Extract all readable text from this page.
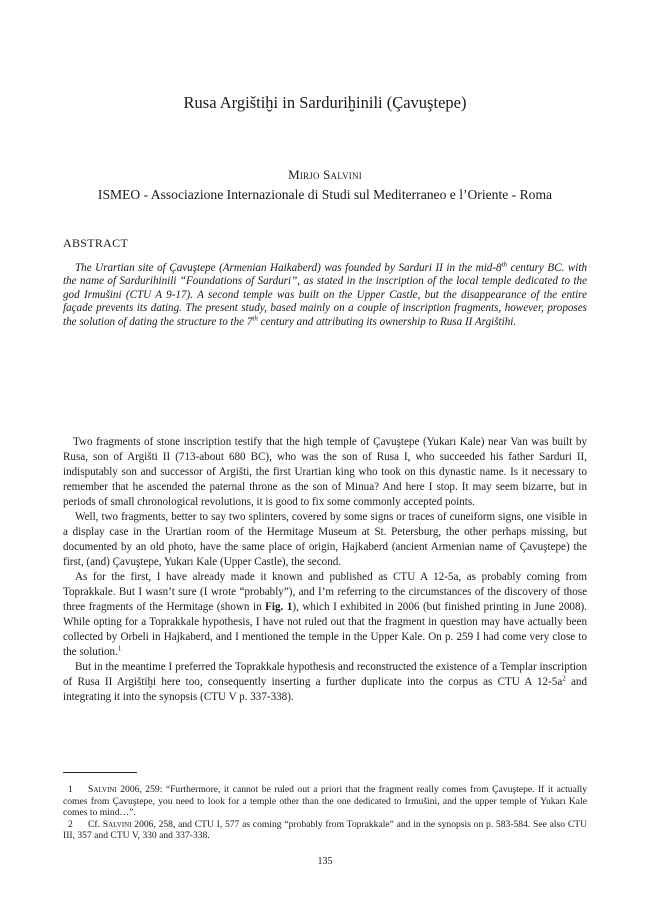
Rusa Argištiḫi in Sarduriḫinili (Çavuştepe)
Mirjo Salvini
ISMEO - Associazione Internazionale di Studi sul Mediterraneo e l’Oriente - Roma
ABSTRACT
The Urartian site of Çavuştepe (Armenian Haikaberd) was founded by Sarduri II in the mid-8th century BC. with the name of Sardurihinili “Foundations of Sarduri”, as stated in the inscription of the local temple dedicated to the god Irmušini (CTU A 9-17). A second temple was built on the Upper Castle, but the disappearance of the entire façade prevents its dating. The present study, based mainly on a couple of inscription fragments, however, proposes the solution of dating the structure to the 7th century and attributing its ownership to Rusa II Argištihi.

Two fragments of stone inscription testify that the high temple of Çavuştepe (Yukarı Kale) near Van was built by Rusa, son of Argišti II (713-about 680 BC), who was the son of Rusa I, who succeeded his father Sarduri II, indisputably son and successor of Argišti, the first Urartian king who took on this dynastic name. Is it necessary to remember that he ascended the paternal throne as the son of Minua? And here I stop. It may seem bizarre, but in periods of small chronological revolutions, it is good to fix some commonly accepted points.

Well, two fragments, better to say two splinters, covered by some signs or traces of cuneiform signs, one visible in a display case in the Urartian room of the Hermitage Museum at St. Petersburg, the other perhaps missing, but documented by an old photo, have the same place of origin, Hajkaberd (ancient Armenian name of Çavuştepe) the first, (and) Çavuştepe, Yukarı Kale (Upper Castle), the second.

As for the first, I have already made it known and published as CTU A 12-5a, as probably coming from Toprakkale. But I wasn’t sure (I wrote “probably”), and I’m referring to the circumstances of the discovery of those three fragments of the Hermitage (shown in Fig. 1), which I exhibited in 2006 (but finished printing in June 2008). While opting for a Toprakkale hypothesis, I have not ruled out that the fragment in question may have actually been collected by Orbeli in Hajkaberd, and I mentioned the temple in the Upper Kale. On p. 259 I had come very close to the solution.$^1$

But in the meantime I preferred the Toprakkale hypothesis and reconstructed the existence of a Templar inscription of Rusa II Argištiḫi here too, consequently inserting a further duplicate into the corpus as CTU A $12-5a^2$ and integrating it into the synopsis (CTU V p. 337-338).

1 Salvini 2006, 259: “Furthermore, it cannot be ruled out a priori that the fragment really comes from Çavuştepe. If it actually comes from Çavuştepe, you need to look for a temple other than the one dedicated to Irmušini, and the upper temple of Yukarı Kale comes to mind…”.

2 Cf. Salvini 2006, 258, and CTU I, 577 as coming “probably from Toprakkale” and in the synopsis on p. 583-584. See also CTU III, 357 and CTU V, 330 and 337-338.

135
